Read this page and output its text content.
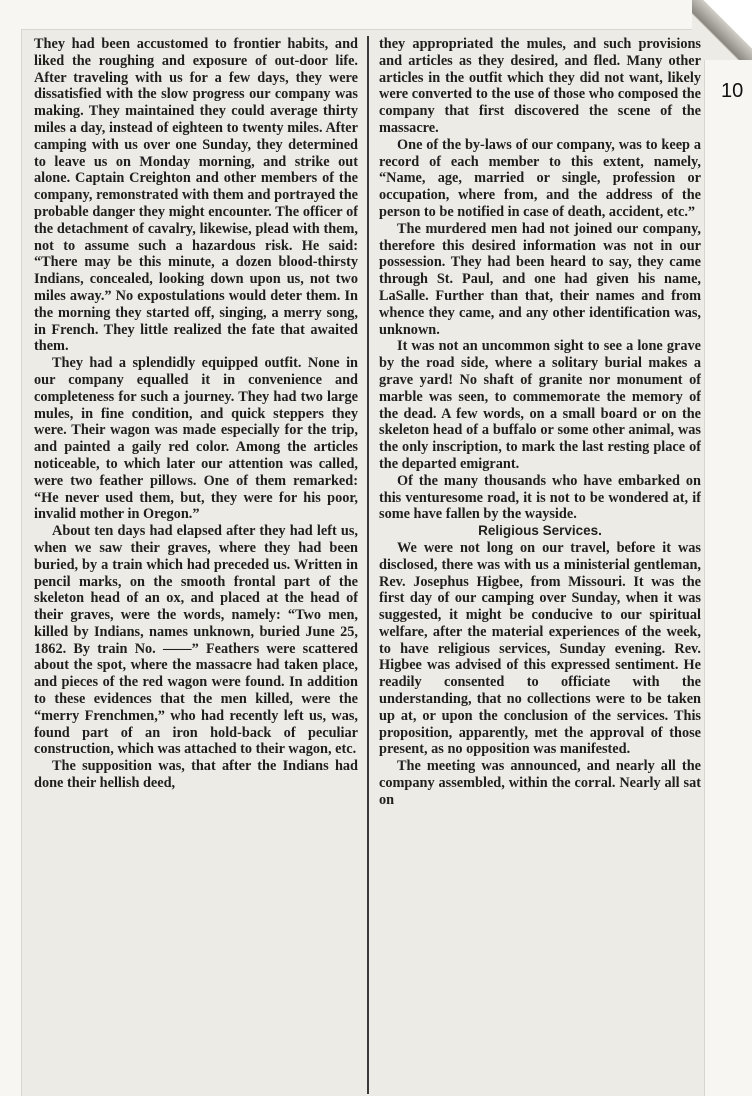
They had been accustomed to frontier habits, and liked the roughing and exposure of out-door life. After traveling with us for a few days, they were dissatisfied with the slow progress our company was making. They maintained they could average thirty miles a day, instead of eighteen to twenty miles. After camping with us over one Sunday, they determined to leave us on Monday morning, and strike out alone. Captain Creighton and other members of the company, remonstrated with them and portrayed the probable danger they might encounter. The officer of the detachment of cavalry, likewise, plead with them, not to assume such a hazardous risk. He said: “There may be this minute, a dozen blood-thirsty Indians, concealed, looking down upon us, not two miles away.” No expostulations would deter them. In the morning they started off, singing, a merry song, in French. They little realized the fate that awaited them.

They had a splendidly equipped outfit. None in our company equalled it in convenience and completeness for such a journey. They had two large mules, in fine condition, and quick steppers they were. Their wagon was made especially for the trip, and painted a gaily red color. Among the articles noticeable, to which later our attention was called, were two feather pillows. One of them remarked: “He never used them, but, they were for his poor, invalid mother in Oregon.”

About ten days had elapsed after they had left us, when we saw their graves, where they had been buried, by a train which had preceded us. Written in pencil marks, on the smooth frontal part of the skeleton head of an ox, and placed at the head of their graves, were the words, namely: “Two men, killed by Indians, names unknown, buried June 25, 1862. By train No. ——” Feathers were scattered about the spot, where the massacre had taken place, and pieces of the red wagon were found. In addition to these evidences that the men killed, were the “merry Frenchmen,” who had recently left us, was, found part of an iron hold-back of peculiar construction, which was attached to their wagon, etc.

The supposition was, that after the Indians had done their hellish deed,

they appropriated the mules, and such provisions and articles as they desired, and fled. Many other articles in the outfit which they did not want, likely were converted to the use of those who composed the company that first discovered the scene of the massacre.

One of the by-laws of our company, was to keep a record of each member to this extent, namely, “Name, age, married or single, profession or occupation, where from, and the address of the person to be notified in case of death, accident, etc.”

The murdered men had not joined our company, therefore this desired information was not in our possession. They had been heard to say, they came through St. Paul, and one had given his name, LaSalle. Further than that, their names and from whence they came, and any other identification was, unknown.

It was not an uncommon sight to see a lone grave by the road side, where a solitary burial makes a grave yard! No shaft of granite nor monument of marble was seen, to commemorate the memory of the dead. A few words, on a small board or on the skeleton head of a buffalo or some other animal, was the only inscription, to mark the last resting place of the departed emigrant.

Of the many thousands who have embarked on this venturesome road, it is not to be wondered at, if some have fallen by the wayside.

Religious Services.

We were not long on our travel, before it was disclosed, there was with us a ministerial gentleman, Rev. Josephus Higbee, from Missouri. It was the first day of our camping over Sunday, when it was suggested, it might be conducive to our spiritual welfare, after the material experiences of the week, to have religious services, Sunday evening. Rev. Higbee was advised of this expressed sentiment. He readily consented to officiate with the understanding, that no collections were to be taken up at, or upon the conclusion of the services. This proposition, apparently, met the approval of those present, as no opposition was manifested.

The meeting was announced, and nearly all the company assembled, within the corral. Nearly all sat on

10
